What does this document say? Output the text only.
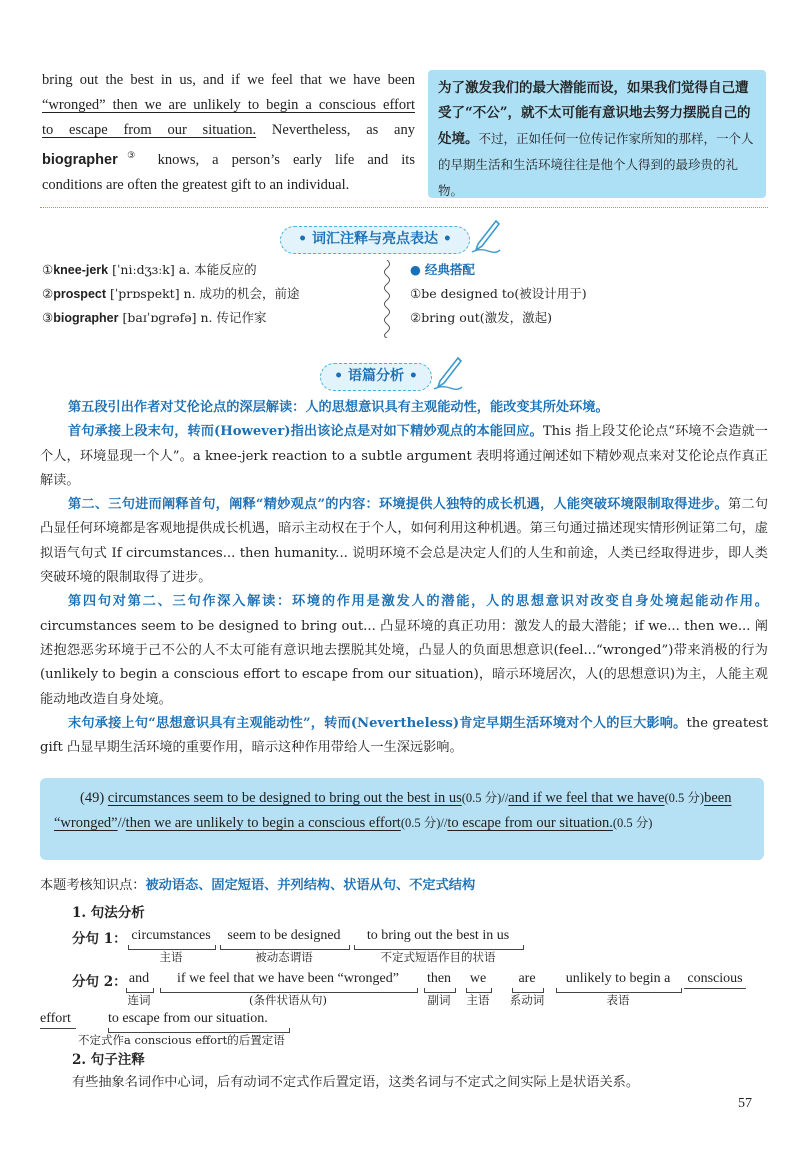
bring out the best in us, and if we feel that we have been
“wronged” then we are unlikely to begin a conscious effort
to escape from our situation. Nevertheless, as any
biographer③ knows, a person’s early life and its
conditions are often the greatest gift to an individual.
为了激发我们的最大潜能而设，如果我们觉得自己遭受了“不公”，就不太可能有意识地去努力摆脱自己的处境。不过，正如任何一位传记作家所知的那样，一个人的早期生活和生活环境往往是他个人得到的最珍贵的礼物。
• 词汇注释与亮点表达 •
①knee-jerk [ˈniːdʒɜːk] a. 本能反应的
②prospect [ˈprɒspekt] n. 成功的机会，前途
③biographer [baɪˈɒɡrəfə] n. 传记作家
● 经典搭配
①be designed to(被设计用于)
②bring out(激发，激起)
• 语篇分析 •
第五段引出作者对艾伦论点的深层解读：人的思想意识具有主观能动性，能改变其所处环境。
首句承接上段末句，转而(However)指出该论点是对如下精妙观点的本能回应。This 指上段艾伦论点“环境不会造就一个人，环境显现一个人”。a knee-jerk reaction to a subtle argument 表明将通过阐述如下精妙观点来对艾伦论点作真正解读。
第二、三句进而阐释首句，阐释“精妙观点”的内容：环境提供人独特的成长机遇，人能突破环境限制取得进步。第二句凸显任何环境都是客观地提供成长机遇，暗示主动权在于个人，如何利用这种机遇。第三句通过描述现实情形例证第二句，虚拟语气句式 If circumstances... then humanity... 说明环境不会总是决定人们的人生和前途，人类已经取得进步，即人类突破环境的限制取得了进步。
第四句对第二、三句作深入解读：环境的作用是激发人的潜能，人的思想意识对改变自身处境起能动作用。circumstances seem to be designed to bring out... 凸显环境的真正功用：激发人的最大潜能；if we... then we... 阐述抱怨恶劣环境于己不公的人不太可能有意识地去摆脱其处境，凸显人的负面思想意识(feel...“wronged”)带来消极的行为(unlikely to begin a conscious effort to escape from our situation)，暗示环境居次，人(的思想意识)为主，人能主观能动地改造自身处境。
末句承接上句“思想意识具有主观能动性”，转而(Nevertheless)肯定早期生活环境对个人的巨大影响。the greatest gift 凸显早期生活环境的重要作用，暗示这种作用带给人一生深远影响。
(49) circumstances seem to be designed to bring out the best in us(0.5 分)//and if we feel that we have(0.5 分)been “wronged”//then we are unlikely to begin a conscious effort(0.5 分)//to escape from our situation.(0.5 分)
本题考核知识点：被动语态、固定短语、并列结构、状语从句、不定式结构
1. 句法分析
分句 1： circumstances
主语
seem to be designed
被动态谓语
to bring out the best in us
不定式短语作目的状语
分句 2： and
连词
if we feel that we have been “wronged”
(条件状语从句)
then
副词
we
主语
are
系动词
unlikely to begin a
表语
conscious
effort	to escape from our situation.
不定式作a conscious effort的后置定语
2. 句子注释
有些抽象名词作中心词，后有动词不定式作后置定语，这类名词与不定式之间实际上是状语关系。
57
